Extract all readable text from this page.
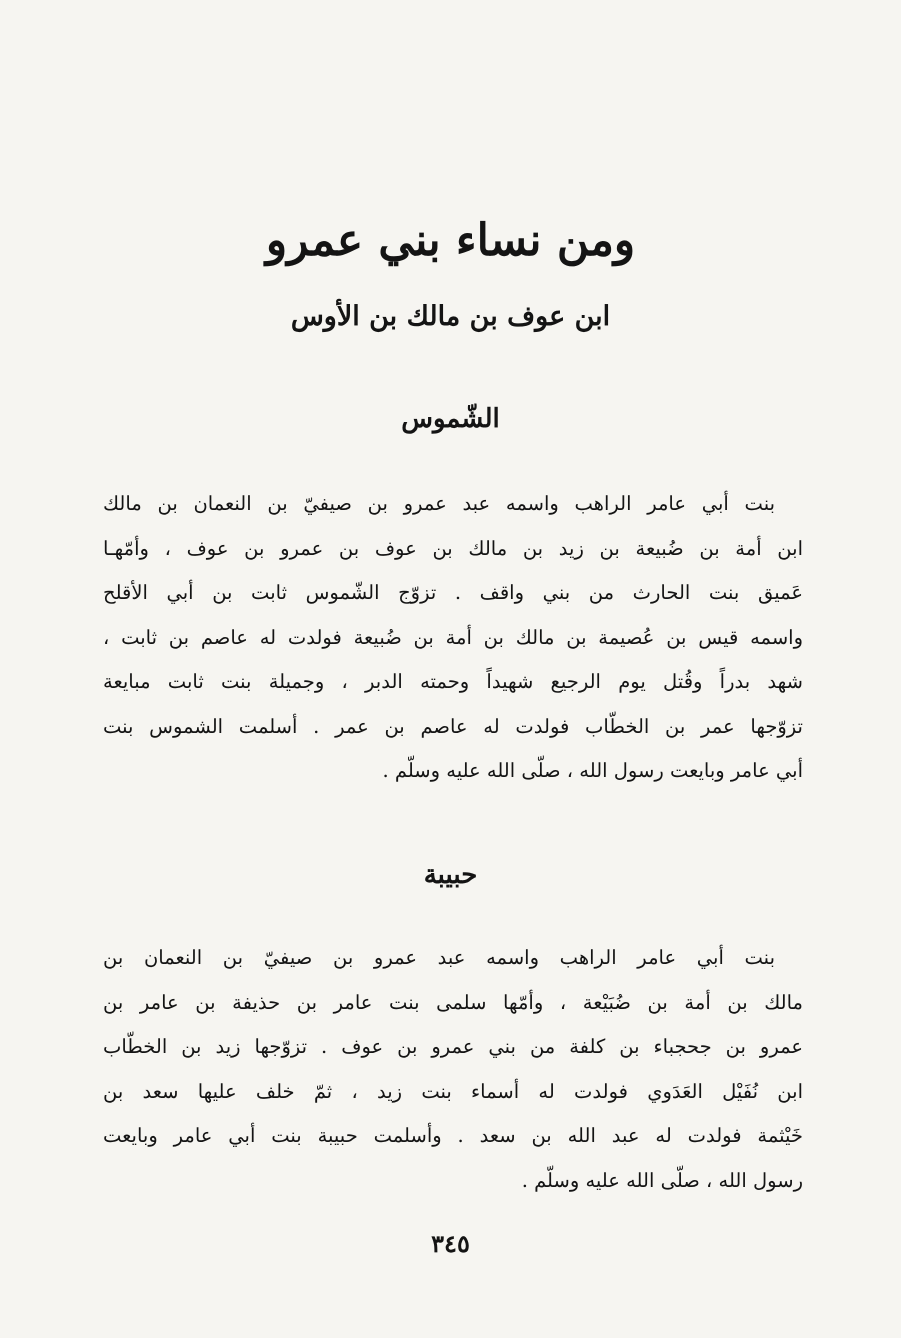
ومن نساء بني عمرو
ابن عوف بن مالك بن الأوس
الشّموس
بنت أبي عامر الراهب واسمه عبد عمرو بن صيفيّ بن النعمان بن مالك
ابن أمة بن ضُبيعة بن زيد بن مالك بن عوف بن عمرو بن عوف ، وأمّهـا
عَميق بنت الحارث من بني واقف . تزوّج الشّموس ثابت بن أبي الأقلح
واسمه قيس بن عُصيمة بن مالك بن أمة بن ضُبيعة فولدت له عاصم بن ثابت ،
شهد بدراً وقُتل يوم الرجيع شهيداً وحمته الدبر ، وجميلة بنت ثابت مبايعة
تزوّجها عمر بن الخطّاب فولدت له عاصم بن عمر . أسلمت الشموس بنت
أبي عامر وبايعت رسول الله ، صلّى الله عليه وسلّم .
حبيبة
بنت أبي عامر الراهب واسمه عبد عمرو بن صيفيّ بن النعمان بن
مالك بن أمة بن ضُبَيْعة ، وأمّها سلمى بنت عامر بن حذيفة بن عامر بن
عمرو بن جحجباء بن كلفة من بني عمرو بن عوف . تزوّجها زيد بن الخطّاب
ابن نُفَيْل العَدَوي فولدت له أسماء بنت زيد ، ثمّ خلف عليها سعد بن
خَيْثمة فولدت له عبد الله بن سعد . وأسلمت حبيبة بنت أبي عامر وبايعت
رسول الله ، صلّى الله عليه وسلّم .
٣٤٥
